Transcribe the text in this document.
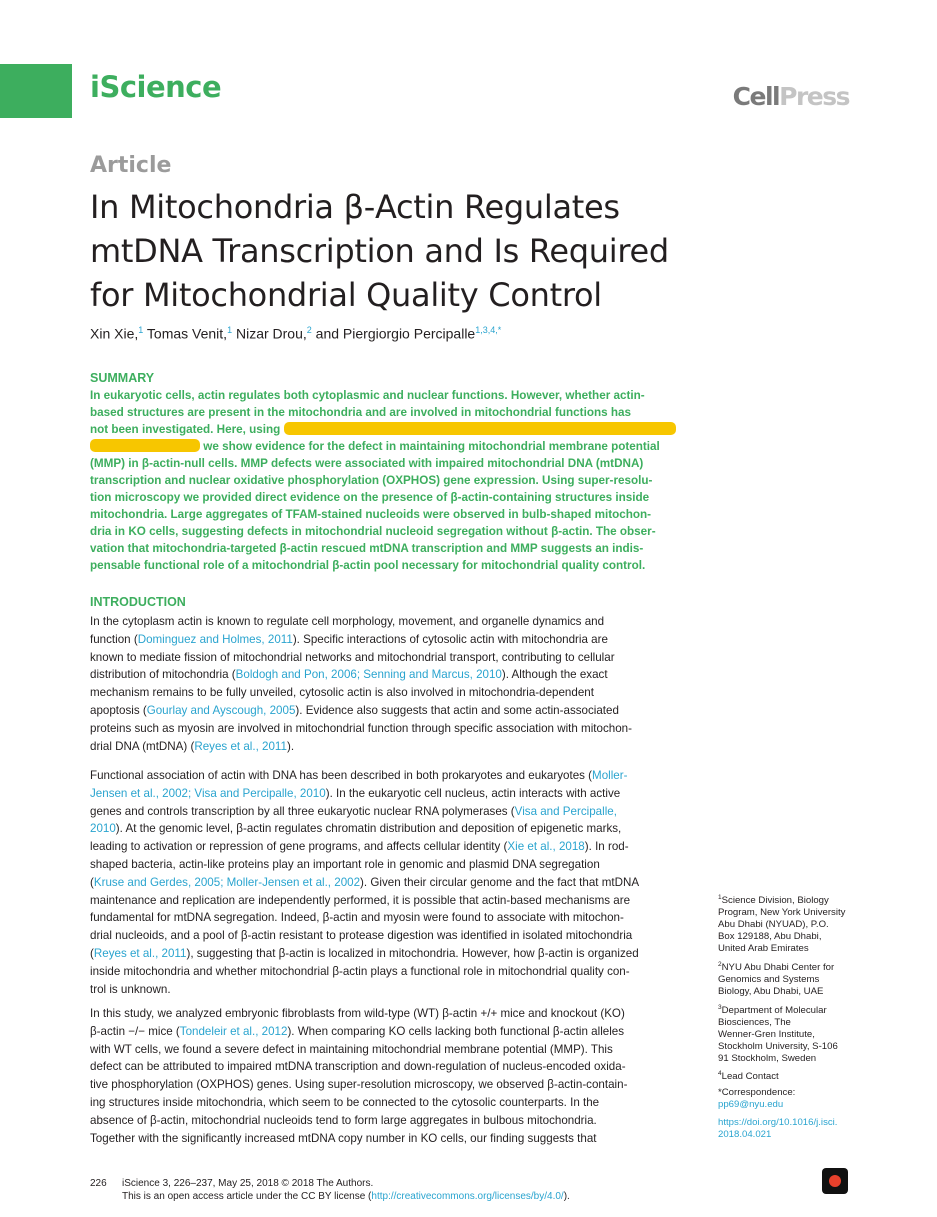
iScience	CellPress
Article
In Mitochondria β-Actin Regulates
mtDNA Transcription and Is Required
for Mitochondrial Quality Control
Xin Xie,$^1$ Tomas Venit,$^1$ Nizar Drou,$^2$ and Piergiorgio Percipalle$^{1,3,4,*}$
SUMMARY
In eukaryotic cells, actin regulates both cytoplasmic and nuclear functions. However, whether actin-
based structures are present in the mitochondria and are involved in mitochondrial functions has
not been investigated. Here, using
we show evidence for the defect in maintaining mitochondrial membrane potential
(MMP) in β-actin-null cells. MMP defects were associated with impaired mitochondrial DNA (mtDNA)
transcription and nuclear oxidative phosphorylation (OXPHOS) gene expression. Using super-resolu-
tion microscopy we provided direct evidence on the presence of β-actin-containing structures inside
mitochondria. Large aggregates of TFAM-stained nucleoids were observed in bulb-shaped mitochon-
dria in KO cells, suggesting defects in mitochondrial nucleoid segregation without β-actin. The obser-
vation that mitochondria-targeted β-actin rescued mtDNA transcription and MMP suggests an indis-
pensable functional role of a mitochondrial β-actin pool necessary for mitochondrial quality control.
INTRODUCTION
In the cytoplasm actin is known to regulate cell morphology, movement, and organelle dynamics and
function (Dominguez and Holmes, 2011). Specific interactions of cytosolic actin with mitochondria are
known to mediate fission of mitochondrial networks and mitochondrial transport, contributing to cellular
distribution of mitochondria (Boldogh and Pon, 2006; Senning and Marcus, 2010). Although the exact
mechanism remains to be fully unveiled, cytosolic actin is also involved in mitochondria-dependent
apoptosis (Gourlay and Ayscough, 2005). Evidence also suggests that actin and some actin-associated
proteins such as myosin are involved in mitochondrial function through specific association with mitochon-
drial DNA (mtDNA) (Reyes et al., 2011).
Functional association of actin with DNA has been described in both prokaryotes and eukaryotes (Moller-
Jensen et al., 2002; Visa and Percipalle, 2010). In the eukaryotic cell nucleus, actin interacts with active
genes and controls transcription by all three eukaryotic nuclear RNA polymerases (Visa and Percipalle,
2010). At the genomic level, β-actin regulates chromatin distribution and deposition of epigenetic marks,
leading to activation or repression of gene programs, and affects cellular identity (Xie et al., 2018). In rod-
shaped bacteria, actin-like proteins play an important role in genomic and plasmid DNA segregation
(Kruse and Gerdes, 2005; Moller-Jensen et al., 2002). Given their circular genome and the fact that mtDNA
maintenance and replication are independently performed, it is possible that actin-based mechanisms are
fundamental for mtDNA segregation. Indeed, β-actin and myosin were found to associate with mitochon-
drial nucleoids, and a pool of β-actin resistant to protease digestion was identified in isolated mitochondria
(Reyes et al., 2011), suggesting that β-actin is localized in mitochondria. However, how β-actin is organized
inside mitochondria and whether mitochondrial β-actin plays a functional role in mitochondrial quality con-
trol is unknown.
In this study, we analyzed embryonic fibroblasts from wild-type (WT) β-actin +/+ mice and knockout (KO)
β-actin −/− mice (Tondeleir et al., 2012). When comparing KO cells lacking both functional β-actin alleles
with WT cells, we found a severe defect in maintaining mitochondrial membrane potential (MMP). This
defect can be attributed to impaired mtDNA transcription and down-regulation of nucleus-encoded oxida-
tive phosphorylation (OXPHOS) genes. Using super-resolution microscopy, we observed β-actin-contain-
ing structures inside mitochondria, which seem to be connected to the cytosolic counterparts. In the
absence of β-actin, mitochondrial nucleoids tend to form large aggregates in bulbous mitochondria.
Together with the significantly increased mtDNA copy number in KO cells, our finding suggests that
$^1$Science Division, Biology
Program, New York University
Abu Dhabi (NYUAD), P.O.
Box 129188, Abu Dhabi,
United Arab Emirates
$^2$NYU Abu Dhabi Center for
Genomics and Systems
Biology, Abu Dhabi, UAE
$^3$Department of Molecular
Biosciences, The
Wenner-Gren Institute,
Stockholm University, S-106
91 Stockholm, Sweden
$^4$Lead Contact
*Correspondence:
pp69@nyu.edu
https://doi.org/10.1016/j.isci.
2018.04.021
226 iScience 3, 226–237, May 25, 2018 © 2018 The Authors.
This is an open access article under the CC BY license (http://creativecommons.org/licenses/by/4.0/).
